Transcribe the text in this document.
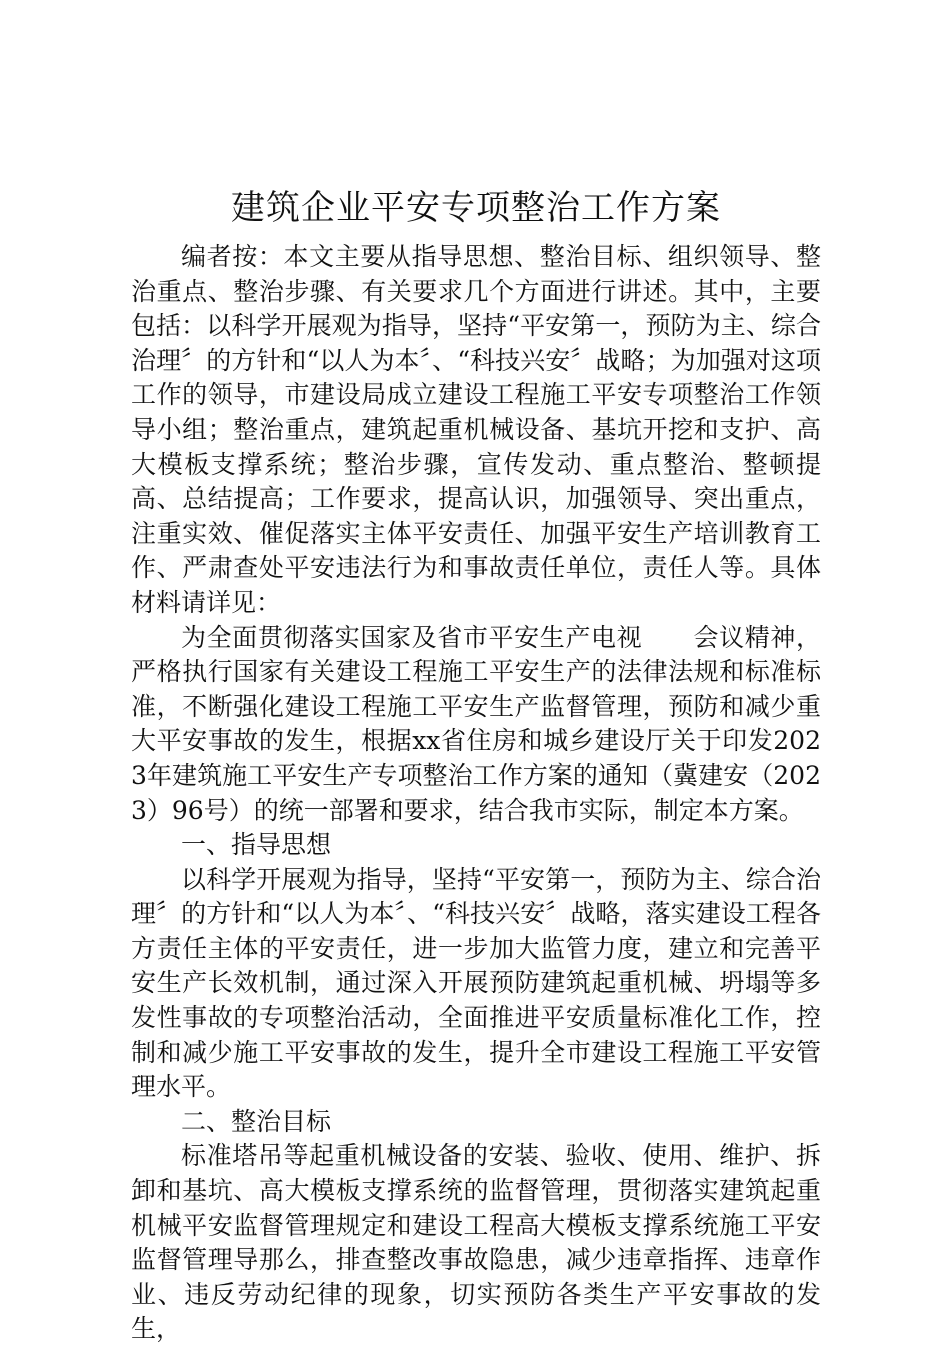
建筑企业平安专项整治工作方案

编者按：本文主要从指导思想、整治目标、组织领导、整治重点、整治步骤、有关要求几个方面进行讲述。其中，主要包括：以科学开展观为指导，坚持“平安第一，预防为主、综合治理〞的方针和“以人为本〞、“科技兴安〞战略；为加强对这项工作的领导，市建设局成立建设工程施工平安专项整治工作领导小组；整治重点，建筑起重机械设备、基坑开挖和支护、高大模板支撑系统；整治步骤，宣传发动、重点整治、整顿提高、总结提高；工作要求，提高认识，加强领导、突出重点，注重实效、催促落实主体平安责任、加强平安生产培训教育工作、严肃查处平安违法行为和事故责任单位，责任人等。具体材料请详见：

为全面贯彻落实国家及省市平安生产电视　　会议精神，严格执行国家有关建设工程施工平安生产的法律法规和标准标准，不断强化建设工程施工平安生产监督管理，预防和减少重大平安事故的发生，根据xx省住房和城乡建设厅关于印发2023年建筑施工平安生产专项整治工作方案的通知（冀建安（2023）96号）的统一部署和要求，结合我市实际，制定本方案。

一、指导思想

以科学开展观为指导，坚持“平安第一，预防为主、综合治理〞的方针和“以人为本〞、“科技兴安〞战略，落实建设工程各方责任主体的平安责任，进一步加大监管力度，建立和完善平安生产长效机制，通过深入开展预防建筑起重机械、坍塌等多发性事故的专项整治活动，全面推进平安质量标准化工作，控制和减少施工平安事故的发生，提升全市建设工程施工平安管理水平。

二、整治目标

标准塔吊等起重机械设备的安装、验收、使用、维护、拆卸和基坑、高大模板支撑系统的监督管理，贯彻落实建筑起重机械平安监督管理规定和建设工程高大模板支撑系统施工平安监督管理导那么，排查整改事故隐患，减少违章指挥、违章作业、违反劳动纪律的现象，切实预防各类生产平安事故的发生，
